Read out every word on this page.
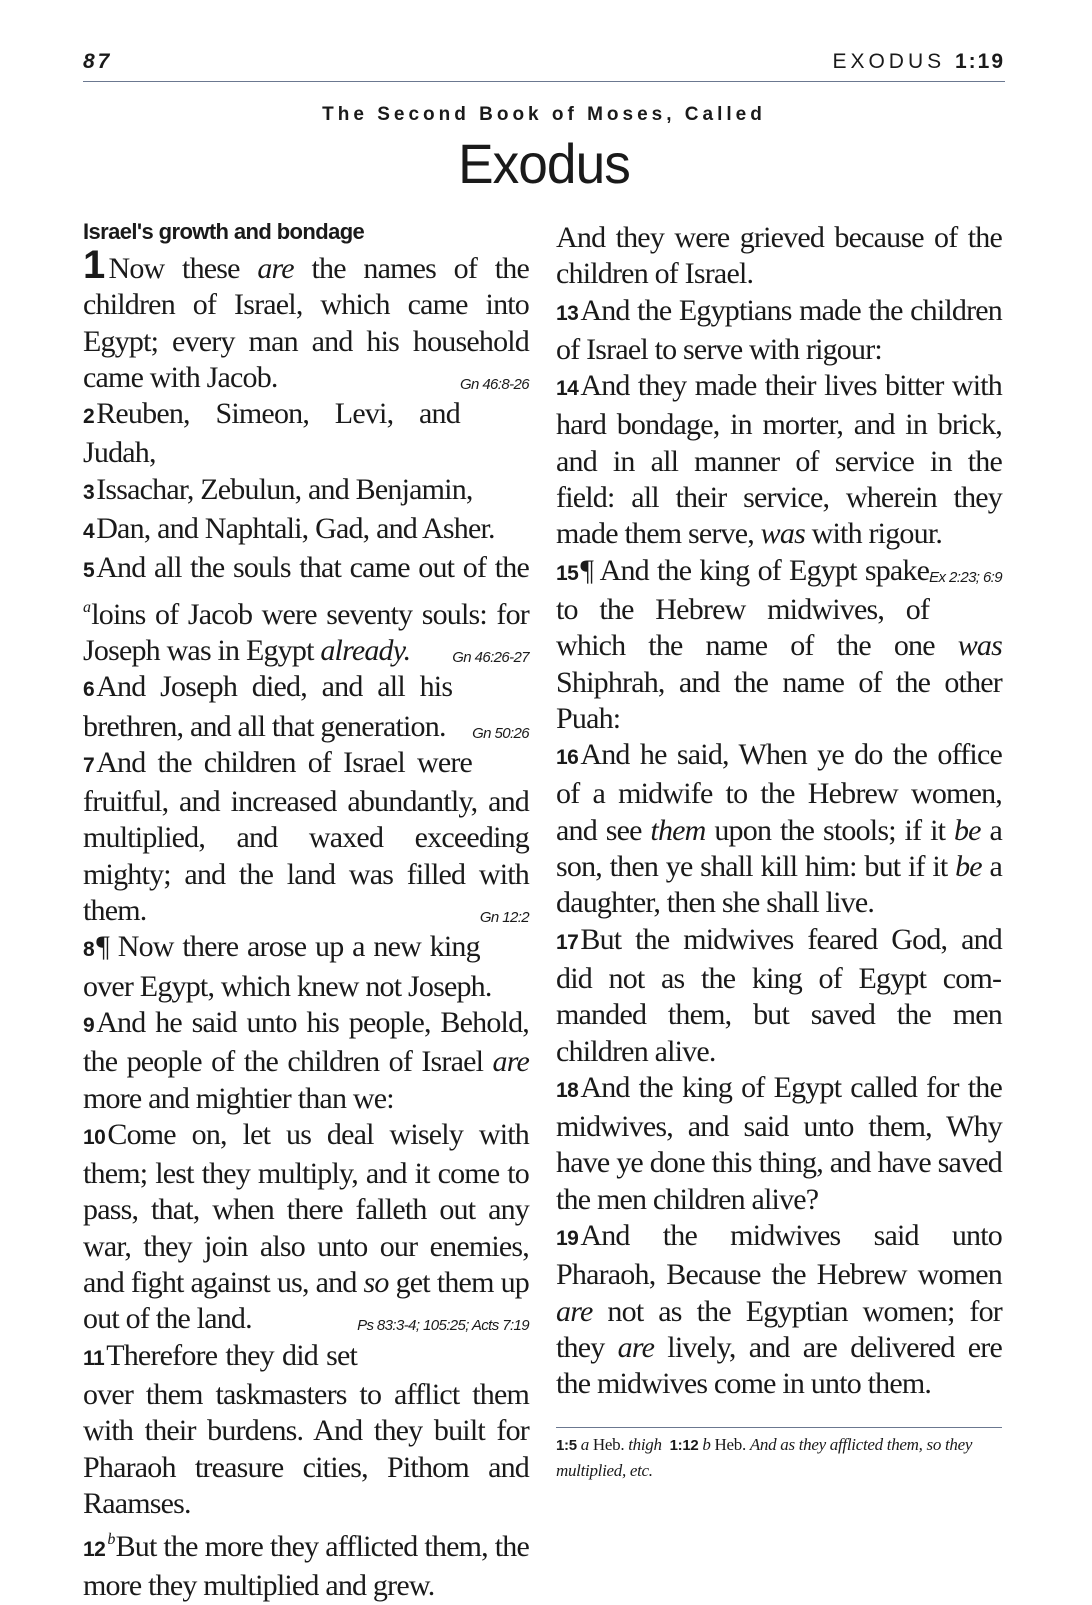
87	EXODUS 1:19
The Second Book of Moses, Called
Exodus
Israel's growth and bondage

1 Now these are the names of the children of Israel, which came into Egypt; every man and his household came with Jacob.	Gn 46:8-26

2Reuben, Simeon, Levi, and Judah,

3Issachar, Zebulun, and Benjamin,

4Dan, and Naphtali, Gad, and Asher.

5And all the souls that came out of the $^a$loins of Jacob were seventy souls: for Joseph was in Egypt already.	Gn 46:26-27

6And Joseph died, and all his brethren, and all that generation. Gn 50:26

7And the children of Israel were fruitful, and increased abundantly, and multiplied, and waxed exceeding mighty; and the land was filled with them.	Gn 12:2

8¶ Now there arose up a new king over Egypt, which knew not Joseph.

9And he said unto his people, Behold, the people of the children of Israel are more and mightier than we:

10Come on, let us deal wisely with them; lest they multiply, and it come to pass, that, when there falleth out any war, they join also unto our enemies, and fight against us, and so get them up out of the land.	Ps 83:3-4; 105:25; Acts 7:19

11Therefore they did set over them taskmasters to afflict them with their burdens. And they built for Pharaoh treasure cities, Pithom and Raamses.

12 $^b$But the more they afflicted them, the more they multiplied and grew.

And they were grieved because of the children of Israel.

13And the Egyptians made the children of Israel to serve with rigour:

14And they made their lives bitter with hard bondage, in morter, and in brick, and in all manner of service in the field: all their service, wherein they made them serve, was with rigour.
Ex 2:23; 6:9

15¶ And the king of Egypt spake to the Hebrew midwives, of which the name of the one was Shiphrah, and the name of the other Puah:

16And he said, When ye do the office of a midwife to the Hebrew women, and see them upon the stools; if it be a son, then ye shall kill him: but if it be a daughter, then she shall live.

17But the midwives feared God, and did not as the king of Egypt commanded them, but saved the men children alive.

18And the king of Egypt called for the midwives, and said unto them, Why have ye done this thing, and have saved the men children alive?

19And the midwives said unto Pharaoh, Because the Hebrew women are not as the Egyptian women; for they are lively, and are delivered ere the midwives come in unto them.

1:5 a Heb. thigh 1:12 b Heb. And as they afflicted them, so they multiplied, etc.
